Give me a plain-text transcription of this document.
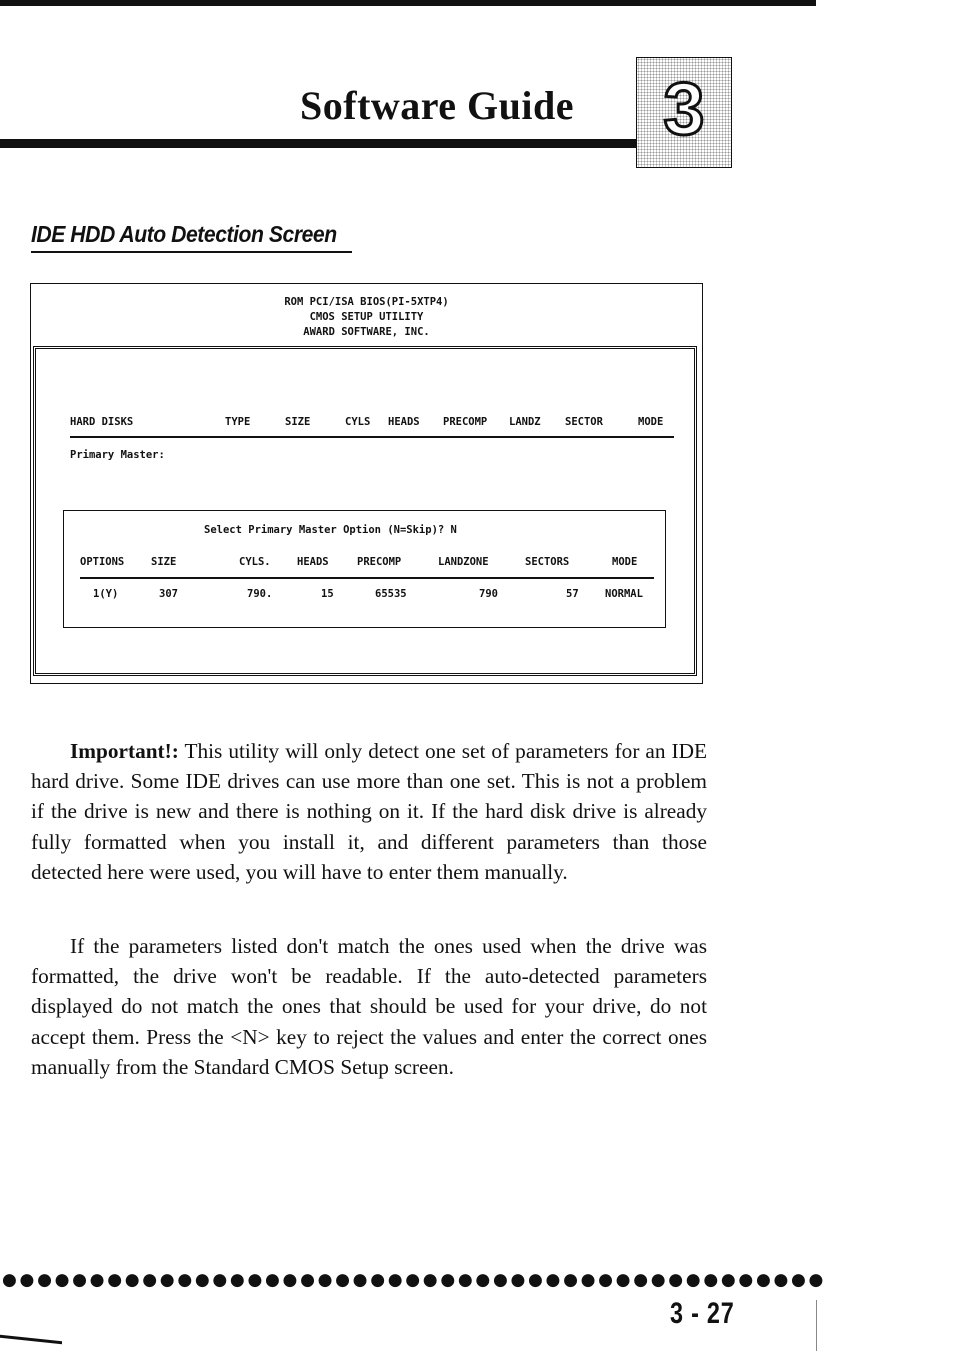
Software Guide	3
IDE HDD Auto Detection Screen
ROM PCI/ISA BIOS(PI-5XTP4)
CMOS SETUP UTILITY
AWARD SOFTWARE, INC.
HARD DISKS	TYPE	SIZE	CYLS HEADS PRECOMP LANDZ SECTOR	MODE
Primary Master:
Select Primary Master Option (N=Skip)? N
OPTIONS	SIZE	CYLS.	HEADS	PRECOMP	LANDZONE	SECTORS	MODE
1(Y)	307	790.	15	65535	790	57	NORMAL

Important!: This utility will only detect one set of parameters for an IDE hard drive. Some IDE drives can use more than one set. This is not a problem if the drive is new and there is nothing on it. If the hard disk drive is already fully formatted when you install it, and different parameters than those detected here were used, you will have to enter them manually.

If the parameters listed don't match the ones used when the drive was formatted, the drive won't be readable. If the auto-detected parameters displayed do not match the ones that should be used for your drive, do not accept them. Press the <N> key to reject the values and enter the correct ones manually from the Standard CMOS Setup screen.

●●●●●●●●●●●●●●●●●●●●●●●●●●●●●●●●●●●●●●●●●●●●●●●
3 - 27
